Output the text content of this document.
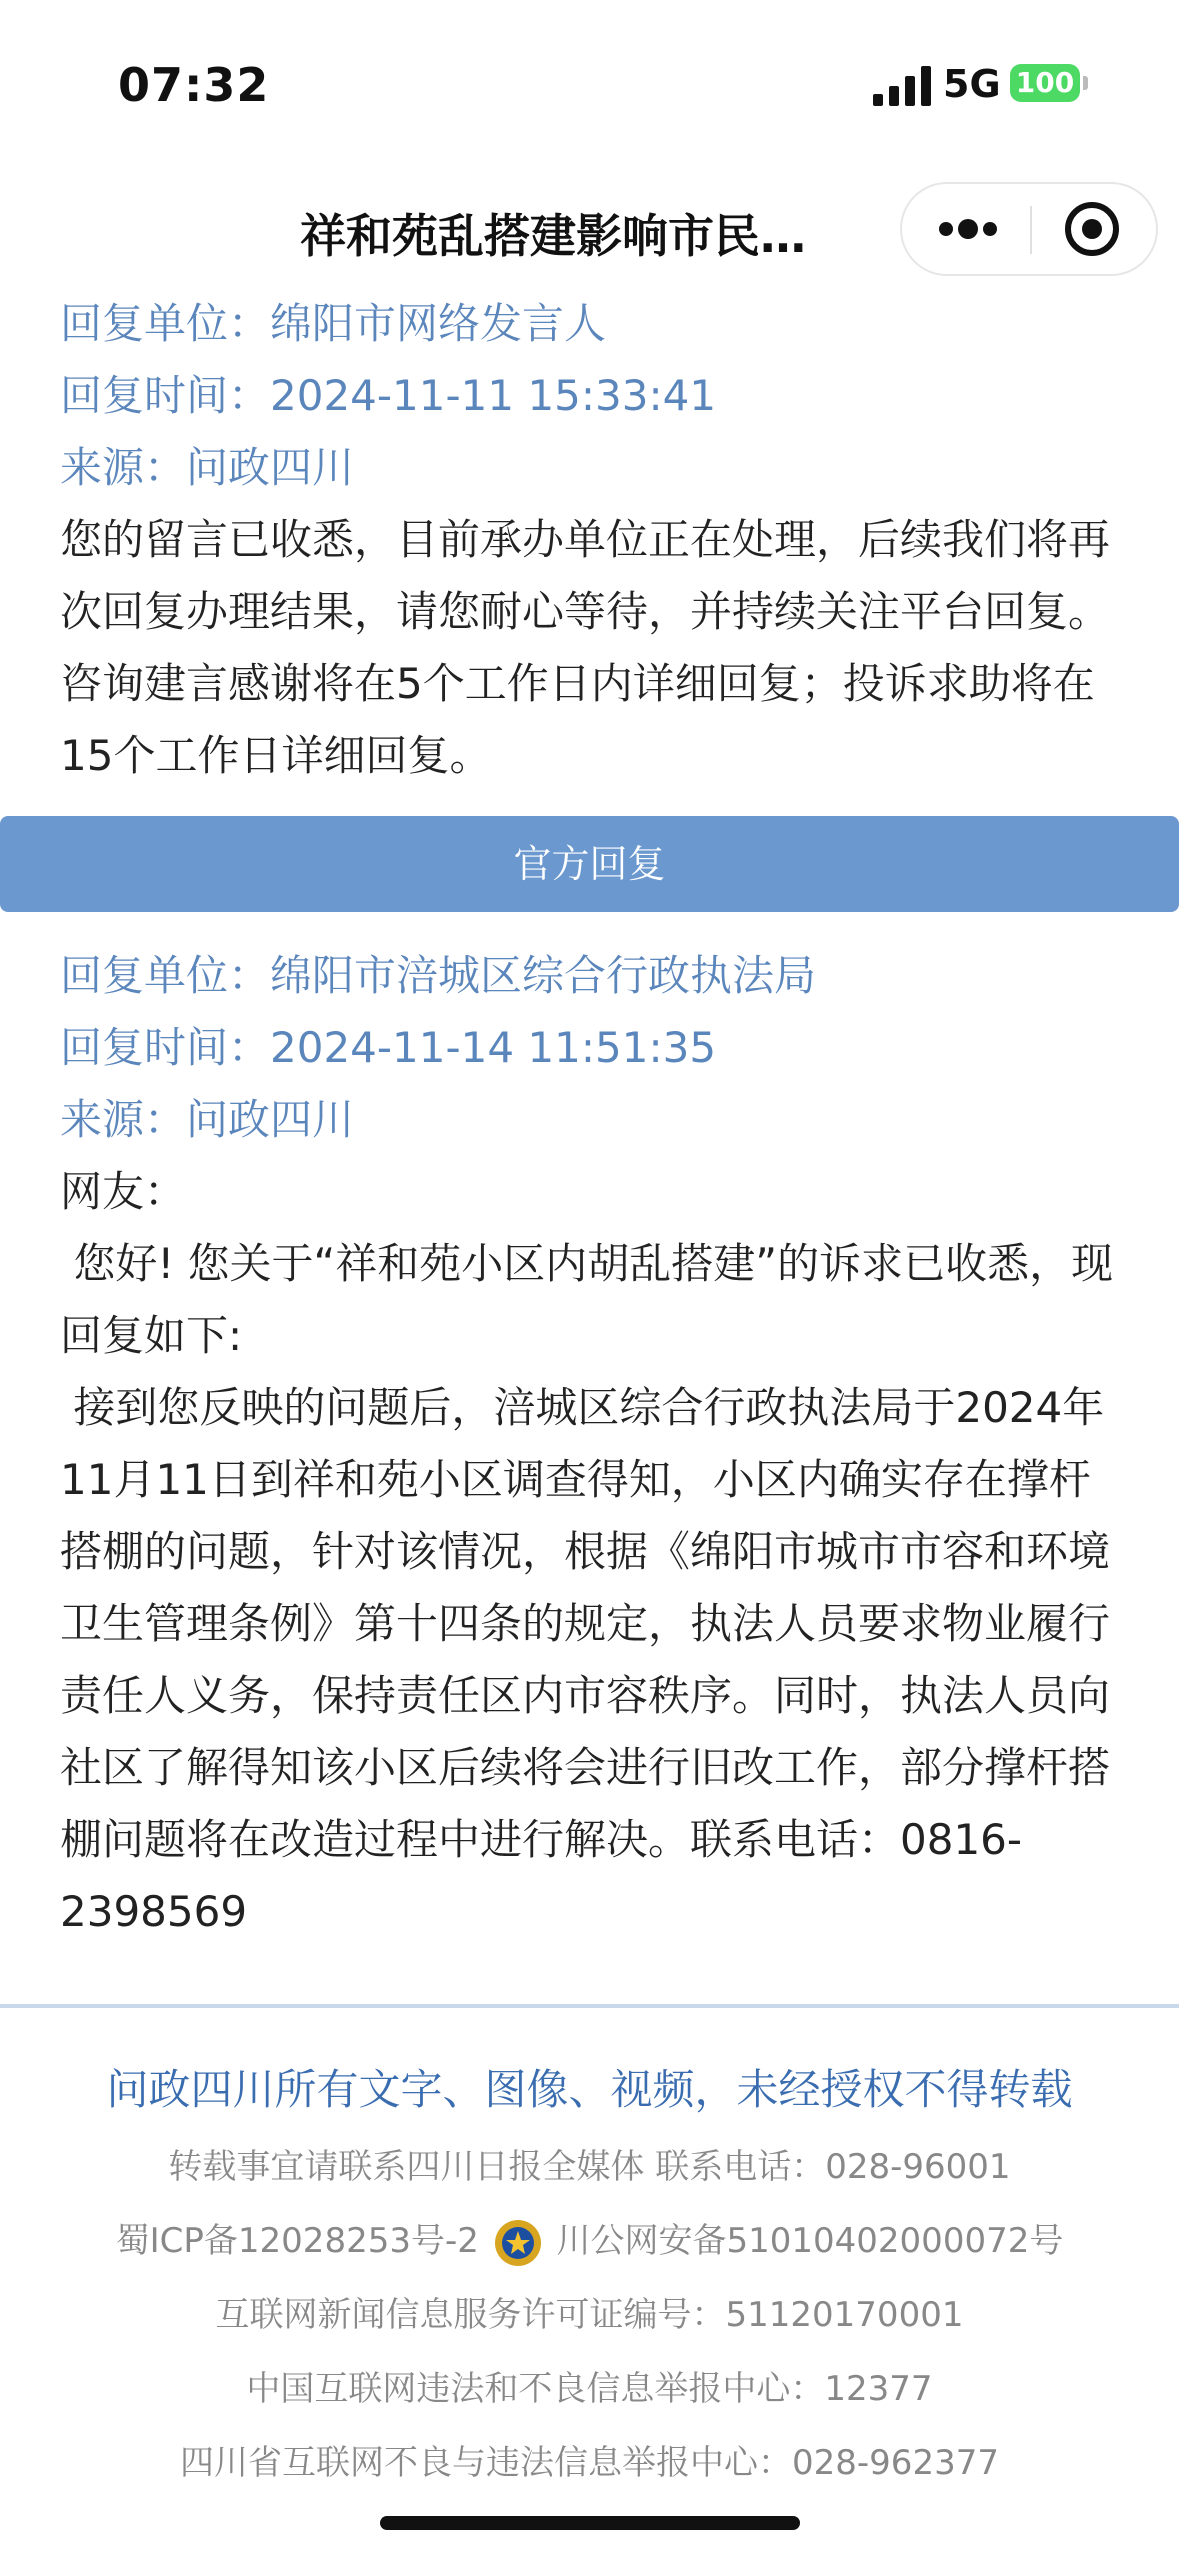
07:32	5G 100
祥和苑乱搭建影响市民…
回复单位：绵阳市网络发言人
回复时间：2024-11-11 15:33:41
来源：问政四川
您的留言已收悉，目前承办单位正在处理，后续我们将再次回复办理结果，请您耐心等待，并持续关注平台回复。咨询建言感谢将在5个工作日内详细回复；投诉求助将在15个工作日详细回复。
官方回复
回复单位：绵阳市涪城区综合行政执法局
回复时间：2024-11-14 11:51:35
来源：问政四川
网友：
您好! 您关于“祥和苑小区内胡乱搭建”的诉求已收悉，现回复如下:
接到您反映的问题后，涪城区综合行政执法局于2024年11月11日到祥和苑小区调查得知，小区内确实存在撑杆搭棚的问题，针对该情况，根据《绵阳市城市市容和环境卫生管理条例》第十四条的规定，执法人员要求物业履行责任人义务，保持责任区内市容秩序。同时，执法人员向社区了解得知该小区后续将会进行旧改工作，部分撑杆搭棚问题将在改造过程中进行解决。联系电话：0816-2398569
问政四川所有文字、图像、视频，未经授权不得转载
转载事宜请联系四川日报全媒体 联系电话：028-96001
蜀ICP备12028253号-2 川公网安备51010402000072号
互联网新闻信息服务许可证编号：51120170001
中国互联网违法和不良信息举报中心：12377
四川省互联网不良与违法信息举报中心：028-962377
